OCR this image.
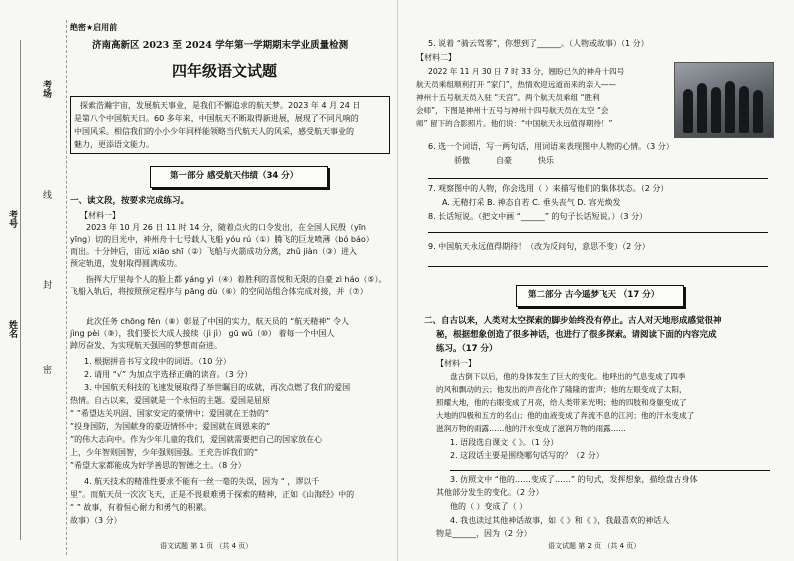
考场
考号
线
封
姓名
密
绝密★启用前
济南高新区 2023 至 2024 学年第一学期期末学业质量检测
四年级语文试题
探索浩瀚宇宙，发展航天事业，是我们不懈追求的航天梦。2023 年 4 月 24 日
是第八个中国航天日。60 多年来，中国航天不断取得新进展，展现了不同凡响的
中国风采。相信我们的小小少年同样能领略当代航天人的风采，感受航天事业的
魅力，更添语文能力。
第一部分 感受航天伟绩（34 分）
一、读文段，按要求完成练习。
【材料一】
2023 年 10 月 26 日 11 时 14 分，随着点火的口令发出，在全国人民殷（yīn
yīng）切的目光中，神州舟十七号载人飞船 yóu rú（①）腾飞的巨龙喷薄（bó báo）
而出。十分钟后，宙远 xiāo shī（②）飞船与火箭成功分离，zhǔ jiàn（③）进入
预定轨道，发射取得圆满成功。
指挥大厅里每个人的脸上都 yáng yì（④）着胜利的喜悦和无限的自豪 zì háo（⑤）。
飞船入轨后，将按照预定程序与 pāng dù（⑥）的空间站组合体完成对接，并（⑦）
此次任务 chōng fēn（⑧）彰显了中国的实力，航天员的 “航天精神” 令人
jìng pèi（⑨），我们要长大成人接续（jì jì） gū wǔ（⑩） 着每一个中国人
踔厉奋发、为实现航天强国的梦想而奋进。
1. 根据拼音书写文段中的词语。（10 分）
2. 请用 “√” 为加点字选择正确的读音。（3 分）
3. 中国航天科技的飞速发展取得了举世瞩目的成就，再次点燃了我们的爱国
热情。自古以来，爱国就是一个永恒的主题。爱国是屈原
“ ”希望达关巩固、国家安定的豪情中；爱国就在王勃的“
”投身国防，为国献身的豪迈情怀中；爱国就在周恩来的“
”的伟大志向中。作为少年儿童的我们，爱国就需要把自己的国家放在心
上，少年智则国智，少年强则国强。王充告诉我们的“
”希望大家都能成为好学善思的智德之士。（8 分）
4. 航天技术的精准性要求不能有一丝一毫的失误，因为 “ ，谬以千
里”。而航天员一次次飞天，正是不畏艰难勇于探索的精神，正如《山海经》中的
“ ” 故事，有着恒心耐力和勇气的积累。
故事）（3 分）
语文试题 第 1 页 （共 4 页）
5. 说着 “骑云驾雾”，你想到了______。（人物或故事）（1 分）
【材料二】
2022 年 11 月 30 日 7 时 33 分，翘盼已久的神舟十四号
航天员乘组顺利打开 “家门”，热情欢迎远道而来的亲人——
神州十五号航天员入驻 “天宫”。两个航天员乘组 “胜利
会师”，下图是神州十五号与神州十四号航天员在太空 “会
师” 留下的合影照片。他们说：“中国航天永远值得期待！”
6. 选一个词语，写一两句话，用词语来表现图中人物的心情。（3 分）
骄傲	自豪	快乐
7. 观察图中的人物，你会选用（ ）来描写他们的集体状态。（2 分）
A. 无精打采 B. 神态自若 C. 垂头丧气 D. 容光焕发
8. 长话短说。（把文中画 “______” 的句子长话短说。）（3 分）
9. 中国航天永远值得期待！（改为反问句，意思不变）（2 分）
第二部分 古今遥梦飞天 （17 分）
二、自古以来，人类对太空探索的脚步始终没有停止。古人对天地形成感觉很神
秘，根据想象创造了很多神话，也进行了很多探索。请阅读下面的内容完成
练习。（17 分）
【材料一】
盘古倒下以后，他的身体发生了巨大的变化。他呼出的气息变成了四季
的风和飘动的云；他发出的声音化作了隆隆的雷声；他的左眼变成了太阳，
照耀大地，他的右眼变成了月亮，给人类带来光明；他的四肢和身躯变成了
大地的四极和五方的名山；他的血液变成了奔流不息的江河；他的汗水变成了
滋润万物的雨露……他的汗水变成了滋润万物的雨露……
1. 语段选自课文《 》。（1 分）
2. 这段话主要是围绕哪句话写的？（2 分）
3. 仿照文中 “他的……变成了……” 的句式，发挥想象，描绘盘古身体
其他部分发生的变化。（2 分）
他的（ ）变成了（ ）
4. 我也读过其他神话故事，如《 》和《 》，我最喜欢的神话人
物是______，因为（2 分）
语文试题 第 2 页 （共 4 页）
